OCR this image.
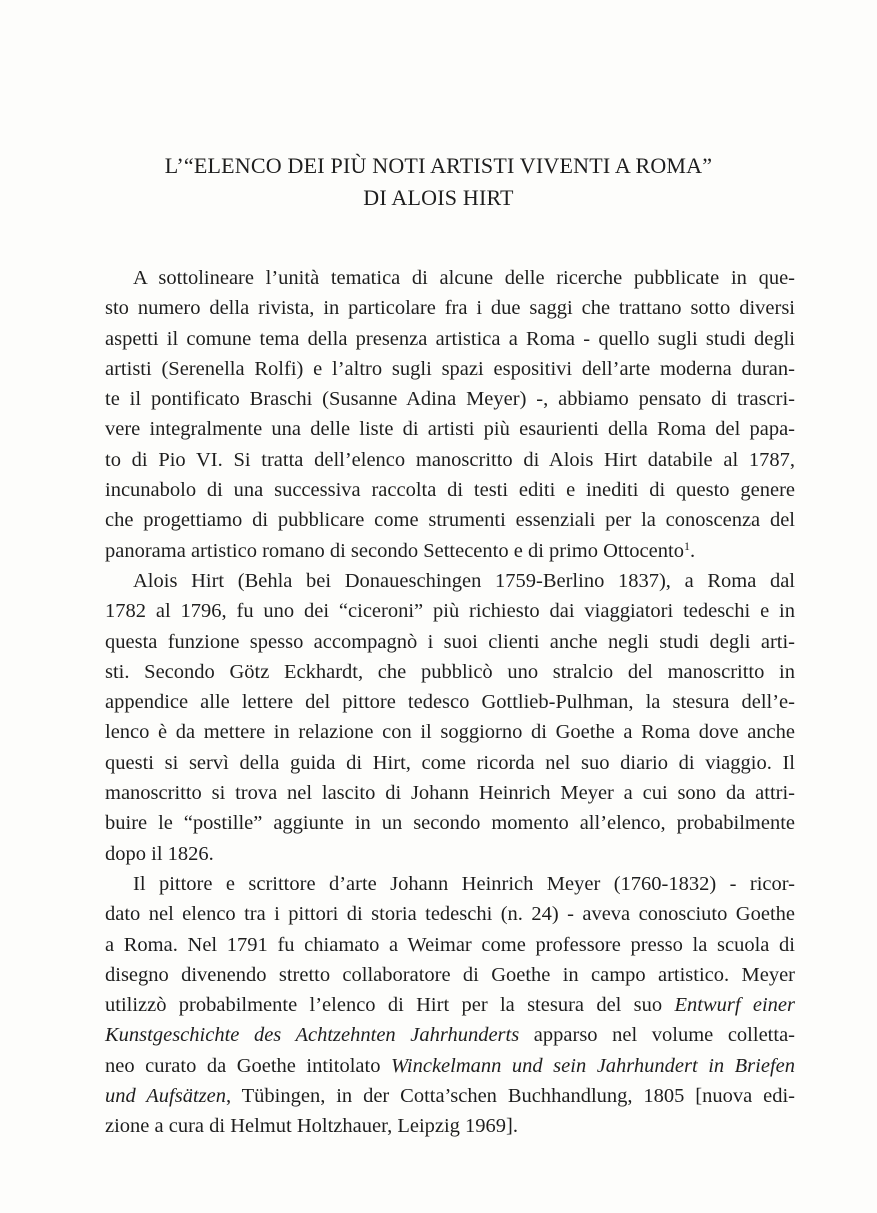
L’“ELENCO DEI PIÙ NOTI ARTISTI VIVENTI A ROMA”
DI ALOIS HIRT
A sottolineare l’unità tematica di alcune delle ricerche pubblicate in que-
sto numero della rivista, in particolare fra i due saggi che trattano sotto diversi
aspetti il comune tema della presenza artistica a Roma - quello sugli studi degli
artisti (Serenella Rolfi) e l’altro sugli spazi espositivi dell’arte moderna duran-
te il pontificato Braschi (Susanne Adina Meyer) -, abbiamo pensato di trascri-
vere integralmente una delle liste di artisti più esaurienti della Roma del papa-
to di Pio VI. Si tratta dell’elenco manoscritto di Alois Hirt databile al 1787,
incunabolo di una successiva raccolta di testi editi e inediti di questo genere
che progettiamo di pubblicare come strumenti essenziali per la conoscenza del
panorama artistico romano di secondo Settecento e di primo Ottocento$^1$.
Alois Hirt (Behla bei Donaueschingen 1759-Berlino 1837), a Roma dal
1782 al 1796, fu uno dei “ciceroni” più richiesto dai viaggiatori tedeschi e in
questa funzione spesso accompagnò i suoi clienti anche negli studi degli arti-
sti. Secondo Götz Eckhardt, che pubblicò uno stralcio del manoscritto in
appendice alle lettere del pittore tedesco Gottlieb-Pulhman, la stesura dell’e-
lenco è da mettere in relazione con il soggiorno di Goethe a Roma dove anche
questi si servì della guida di Hirt, come ricorda nel suo diario di viaggio. Il
manoscritto si trova nel lascito di Johann Heinrich Meyer a cui sono da attri-
buire le “postille” aggiunte in un secondo momento all’elenco, probabilmente
dopo il 1826.
Il pittore e scrittore d’arte Johann Heinrich Meyer (1760-1832) - ricor-
dato nel elenco tra i pittori di storia tedeschi (n. 24) - aveva conosciuto Goethe
a Roma. Nel 1791 fu chiamato a Weimar come professore presso la scuola di
disegno divenendo stretto collaboratore di Goethe in campo artistico. Meyer
utilizzò probabilmente l’elenco di Hirt per la stesura del suo Entwurf einer
Kunstgeschichte des Achtzehnten Jahrhunderts apparso nel volume colletta-
neo curato da Goethe intitolato Winckelmann und sein Jahrhundert in Briefen
und Aufsätzen, Tübingen, in der Cotta’schen Buchhandlung, 1805 [nuova edi-
zione a cura di Helmut Holtzhauer, Leipzig 1969].
